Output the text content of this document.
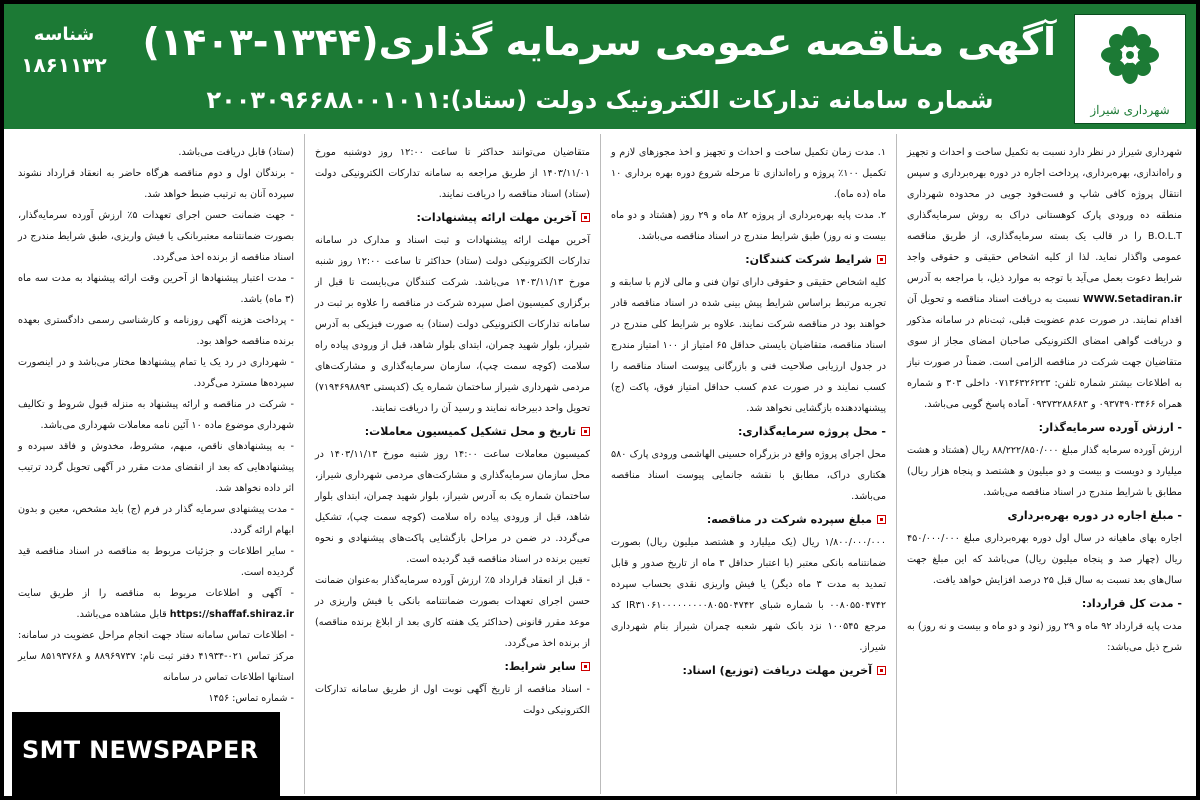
شهرداری شیراز
آگهی مناقصه عمومی سرمایه گذاری(۱۳۴۴-۱۴۰۳)
شماره سامانه تدارکات الکترونیک دولت (ستاد):۲۰۰۳۰۹۶۶۸۸۰۰۱۰۱۱
شناسه
۱۸۶۱۱۳۲

شهرداری شیراز در نظر دارد نسبت به تکمیل ساخت و احداث و تجهیز و راه‌اندازی، بهره‌برداری، پرداخت اجاره در دوره بهره‌برداری و سپس انتقال پروژه کافی شاپ و فست‌فود جویی در محدوده شهرداری منطقه ده ورودی پارک کوهستانی دراک به روش سرمایه‌گذاری B.O.L.T را در قالب یک بسته سرمایه‌گذاری، از طریق مناقصه عمومی واگذار نماید. لذا از کلیه اشخاص حقیقی و حقوقی واجد شرایط دعوت بعمل می‌آید با توجه به موارد ذیل، با مراجعه به آدرس WWW.Setadiran.ir نسبت به دریافت اسناد مناقصه و تحویل آن اقدام نمایند. در صورت عدم عضویت قبلی، ثبت‌نام در سامانه مذکور و دریافت گواهی امضای الکترونیکی صاحبان امضای مجاز از سوی متقاضیان جهت شرکت در مناقصه الزامی است. ضمناً در صورت نیاز به اطلاعات بیشتر شماره تلفن: ۰۷۱۳۶۳۲۶۲۲۳ داخلی ۳۰۳ و شماره همراه ۰۹۳۷۴۹۰۳۴۶۶ و ۰۹۳۷۳۲۸۸۶۸۳ آماده پاسخ گویی می‌باشد.

- ارزش آورده سرمایه‌گذار:

ارزش آورده سرمایه گذار مبلغ ۸۸/۲۲۲/۸۵۰/۰۰۰ ریال (هشتاد و هشت میلیارد و دویست و بیست و دو میلیون و هشتصد و پنجاه هزار ریال) مطابق با شرایط مندرج در اسناد مناقصه می‌باشد.

- مبلغ اجاره در دوره بهره‌برداری

اجاره بهای ماهیانه در سال اول دوره بهره‌برداری مبلغ ۴۵۰/۰۰۰/۰۰۰ ریال (چهار صد و پنجاه میلیون ریال) می‌باشد که این مبلغ جهت سال‌های بعد نسبت به سال قبل ۲۵ درصد افزایش خواهد یافت.

- مدت کل قرارداد:

مدت پایه قرارداد ۹۲ ماه و ۲۹ روز (نود و دو ماه و بیست و نه روز) به شرح ذیل می‌باشد:

۱. مدت زمان تکمیل ساخت و احداث و تجهیز و اخذ مجوزهای لازم و تکمیل ۱۰۰٪ پروژه و راه‌اندازی تا مرحله شروع دوره بهره برداری ۱۰ ماه (ده ماه).

۲. مدت پایه بهره‌برداری از پروژه ۸۲ ماه و ۲۹ روز (هشتاد و دو ماه بیست و نه روز) طبق شرایط مندرج در اسناد مناقصه می‌باشد.

شرایط شرکت کنندگان:

کلیه اشخاص حقیقی و حقوقی دارای توان فنی و مالی لازم با سابقه و تجربه مرتبط براساس شرایط پیش بینی شده در اسناد مناقصه قادر خواهند بود در مناقصه شرکت نمایند. علاوه بر شرایط کلی مندرج در اسناد مناقصه، متقاضیان بایستی حداقل ۶۵ امتیاز از ۱۰۰ امتیاز مندرج در جدول ارزیابی صلاحیت فنی و بازرگانی پیوست اسناد مناقصه را کسب نمایند و در صورت عدم کسب حداقل امتیاز فوق، پاکت (ج) پیشنهاددهنده بازگشایی نخواهد شد.

- محل پروژه سرمایه‌گذاری:

محل اجرای پروژه واقع در بزرگراه حسینی الهاشمی ورودی پارک ۵۸۰ هکتاری دراک، مطابق با نقشه جانمایی پیوست اسناد مناقصه می‌باشد.

مبلغ سپرده شرکت در مناقصه:

۱/۸۰۰/۰۰۰/۰۰۰ ریال (یک میلیارد و هشتصد میلیون ریال) بصورت ضمانتنامه بانکی معتبر (با اعتبار حداقل ۳ ماه از تاریخ صدور و قابل تمدید به مدت ۳ ماه دیگر) یا فیش واریزی نقدی بحساب سپرده ۰۰۸۰۵۵۰۴۷۴۲ با شماره شبای IR۳۱۰۶۱۰۰۰۰۰۰۰۰۰۸۰۵۵۰۴۷۴۲ کد مرجع ۱۰۰۵۴۵ نزد بانک شهر شعبه چمران شیراز بنام شهرداری شیراز.

آخرین مهلت دریافت (توزیع) اسناد:

متقاضیان می‌توانند حداکثر تا ساعت ۱۲:۰۰ روز دوشنبه مورخ ۱۴۰۳/۱۱/۰۱ از طریق مراجعه به سامانه تدارکات الکترونیکی دولت (ستاد) اسناد مناقصه را دریافت نمایند.

آخرین مهلت ارائه پیشنهادات:

آخرین مهلت ارائه پیشنهادات و ثبت اسناد و مدارک در سامانه تدارکات الکترونیکی دولت (ستاد) حداکثر تا ساعت ۱۲:۰۰ روز شنبه مورخ ۱۴۰۳/۱۱/۱۳ می‌باشد. شرکت کنندگان می‌بایست تا قبل از برگزاری کمیسیون اصل سپرده شرکت در مناقصه را علاوه بر ثبت در سامانه تدارکات الکترونیکی دولت (ستاد) به صورت فیزیکی به آدرس شیراز، بلوار شهید چمران، ابتدای بلوار شاهد، قبل از ورودی پیاده راه سلامت (کوچه سمت چپ)، سازمان سرمایه‌گذاری و مشارکت‌های مردمی شهرداری شیراز ساختمان شماره یک (کدپستی ۷۱۹۴۶۹۸۸۹۳) تحویل واحد دبیرخانه نمایند و رسید آن را دریافت نمایند.

تاریخ و محل تشکیل کمیسیون معاملات:

کمیسیون معاملات ساعت ۱۴:۰۰ روز شنبه مورخ ۱۴۰۳/۱۱/۱۳ در محل سازمان سرمایه‌گذاری و مشارکت‌های مردمی شهرداری شیراز، ساختمان شماره یک به آدرس شیراز، بلوار شهید چمران، ابتدای بلوار شاهد، قبل از ورودی پیاده راه سلامت (کوچه سمت چپ)، تشکیل می‌گردد. در ضمن در مراحل بازگشایی پاکت‌های پیشنهادی و نحوه تعیین برنده در اسناد مناقصه قید گردیده است.

- قبل از انعقاد قرارداد ۵٪ ارزش آورده سرمایه‌گذار به‌عنوان ضمانت حسن اجرای تعهدات بصورت ضمانتنامه بانکی یا فیش واریزی در موعد مقرر قانونی (حداکثر یک هفته کاری بعد از ابلاغ برنده مناقصه) از برنده اخذ می‌گردد.

سایر شرایط:

- اسناد مناقصه از تاریخ آگهی نوبت اول از طریق سامانه تدارکات الکترونیکی دولت

(ستاد) قابل دریافت می‌باشد.

- برندگان اول و دوم مناقصه هرگاه حاضر به انعقاد قرارداد نشوند سپرده آنان به ترتیب ضبط خواهد شد.

- جهت ضمانت حسن اجرای تعهدات ۵٪ ارزش آورده سرمایه‌گذار، بصورت ضمانتنامه معتبربانکی یا فیش واریزی، طبق شرایط مندرج در اسناد مناقصه از برنده اخذ می‌گردد.

- مدت اعتبار پیشنهادها از آخرین وقت ارائه پیشنهاد به مدت سه ماه (۳ ماه) باشد.

- پرداخت هزینه آگهی روزنامه و کارشناسی رسمی دادگستری بعهده برنده مناقصه خواهد بود.

- شهرداری در رد یک یا تمام پیشنهادها مختار می‌باشد و در اینصورت سپرده‌ها مسترد می‌گردد.

- شرکت در مناقصه و ارائه پیشنهاد به منزله قبول شروط و تکالیف شهرداری موضوع ماده ۱۰ آئین نامه معاملات شهرداری می‌باشد.

- به پیشنهادهای ناقص، مبهم، مشروط، مخدوش و فاقد سپرده و پیشنهادهایی که بعد از انقضای مدت مقرر در آگهی تحویل گردد ترتیب اثر داده نخواهد شد.

- مدت پیشنهادی سرمایه گذار در فرم (ج) باید مشخص، معین و بدون ابهام ارائه گردد.

- سایر اطلاعات و جزئیات مربوط به مناقصه در اسناد مناقصه قید گردیده است.

- آگهی و اطلاعات مربوط به مناقصه را از طریق سایت https://shaffaf.shiraz.ir قابل مشاهده می‌باشد.

- اطلاعات تماس سامانه ستاد جهت انجام مراحل عضویت در سامانه: مرکز تماس ۰۲۱-۴۱۹۳۴ دفتر ثبت نام: ۸۸۹۶۹۷۳۷ و ۸۵۱۹۳۷۶۸ سایر استانها اطلاعات تماس در سامانه

- شماره تماس: ۱۴۵۶

SMT NEWSPAPER
